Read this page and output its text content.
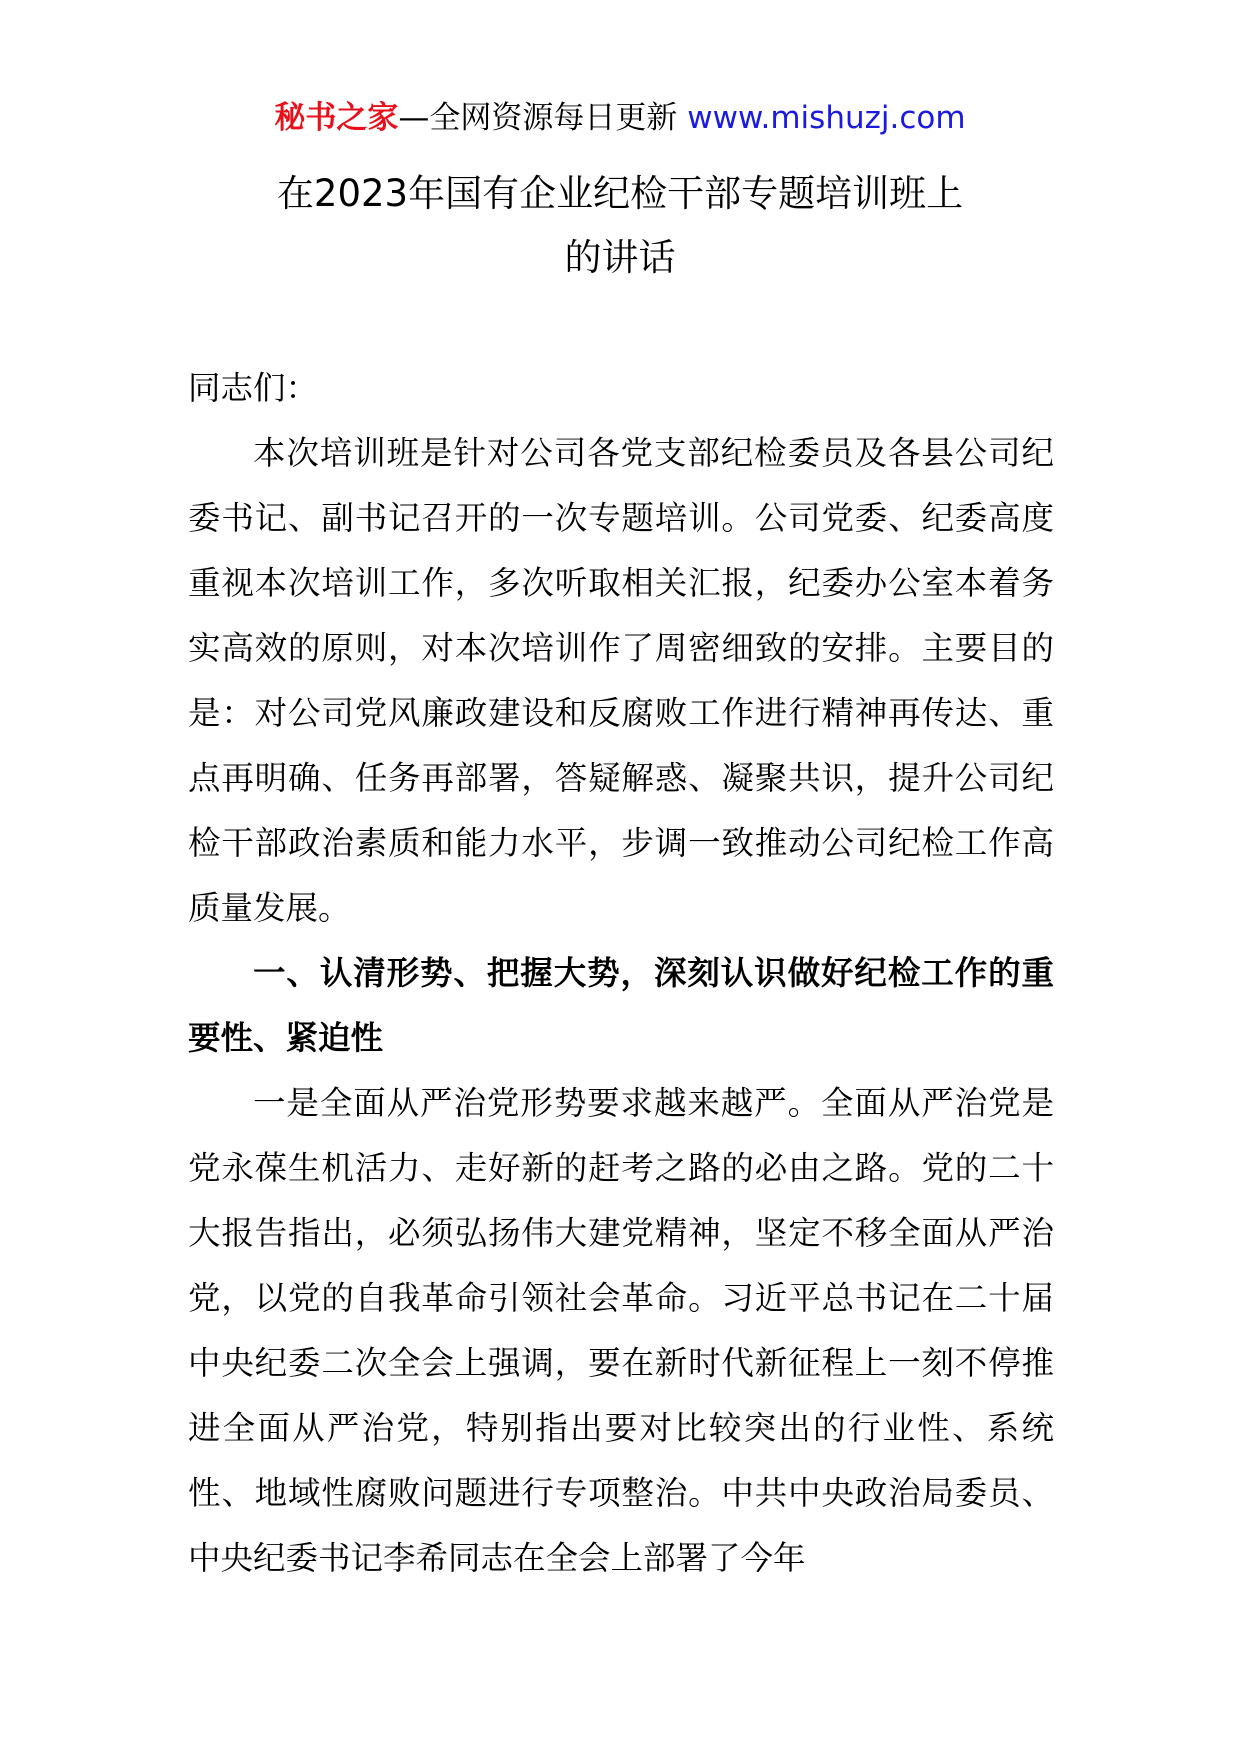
秘书之家—全网资源每日更新 www.mishuzj.com
在2023年国有企业纪检干部专题培训班上
的讲话

同志们：

本次培训班是针对公司各党支部纪检委员及各县公司纪委书记、副书记召开的一次专题培训。公司党委、纪委高度重视本次培训工作，多次听取相关汇报，纪委办公室本着务实高效的原则，对本次培训作了周密细致的安排。主要目的是：对公司党风廉政建设和反腐败工作进行精神再传达、重点再明确、任务再部署，答疑解惑、凝聚共识，提升公司纪检干部政治素质和能力水平，步调一致推动公司纪检工作高质量发展。

一、认清形势、把握大势，深刻认识做好纪检工作的重要性、紧迫性

一是全面从严治党形势要求越来越严。全面从严治党是党永葆生机活力、走好新的赶考之路的必由之路。党的二十大报告指出，必须弘扬伟大建党精神，坚定不移全面从严治党，以党的自我革命引领社会革命。习近平总书记在二十届中央纪委二次全会上强调，要在新时代新征程上一刻不停推进全面从严治党，特别指出要对比较突出的行业性、系统性、地域性腐败问题进行专项整治。中共中央政治局委员、中央纪委书记李希同志在全会上部署了今年
